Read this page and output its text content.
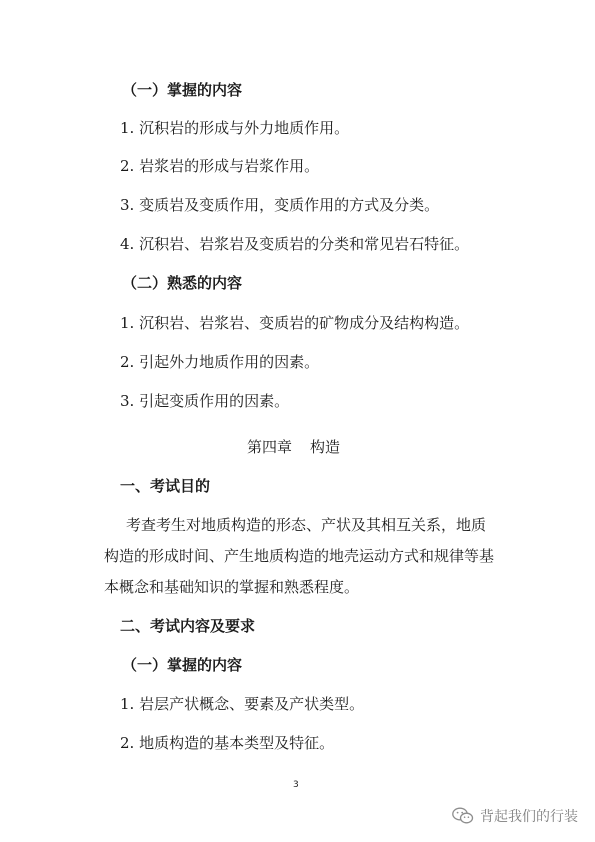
（一）掌握的内容
1. 沉积岩的形成与外力地质作用。
2. 岩浆岩的形成与岩浆作用。
3. 变质岩及变质作用，变质作用的方式及分类。
4. 沉积岩、岩浆岩及变质岩的分类和常见岩石特征。
（二）熟悉的内容
1. 沉积岩、岩浆岩、变质岩的矿物成分及结构构造。
2. 引起外力地质作用的因素。
3. 引起变质作用的因素。
第四章 构造
一、考试目的
考查考生对地质构造的形态、产状及其相互关系，地质
构造的形成时间、产生地质构造的地壳运动方式和规律等基
本概念和基础知识的掌握和熟悉程度。
二、考试内容及要求
（一）掌握的内容
1. 岩层产状概念、要素及产状类型。
2. 地质构造的基本类型及特征。
3
背起我们的行装
